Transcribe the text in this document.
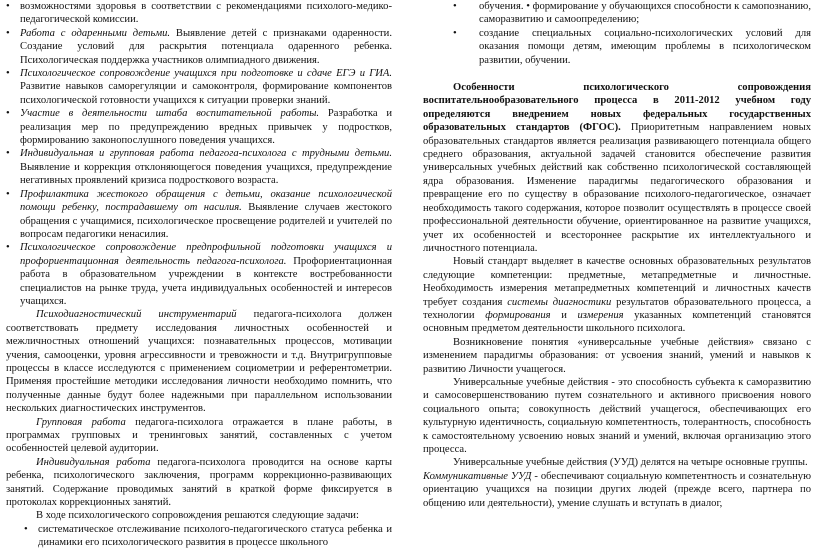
• возможностями здоровья в соответствии с рекомендациями психолого-медико-педагогической комиссии.
• Работа с одаренными детьми. Выявление детей с признаками одаренности. Создание условий для раскрытия потенциала одаренного ребенка. Психологическая поддержка участников олимпиадного движения.
• Психологическое сопровождение учащихся при подготовке и сдаче ЕГЭ и ГИА. Развитие навыков саморегуляции и самоконтроля, формирование компонентов психологической готовности учащихся к ситуации проверки знаний.
• Участие в деятельности штаба воспитательной работы. Разработка и реализация мер по предупреждению вредных привычек у подростков, формированию законопослушного поведения учащихся.
• Индивидуальная и групповая работа педагога-психолога с трудными детьми. Выявление и коррекция отклоняющегося поведения учащихся, предупреждение негативных проявлений кризиса подросткового возраста.
• Профилактика жестокого обращения с детьми, оказание психологической помощи ребенку, пострадавшему от насилия. Выявление случаев жестокого обращения с учащимися, психологическое просвещение родителей и учителей по вопросам педагогики ненасилия.
• Психологическое сопровождение предпрофильной подготовки учащихся и профориентационная деятельность педагога-психолога. Профориентационная работа в образовательном учреждении в контексте востребованности специалистов на рынке труда, учета индивидуальных особенностей и интересов учащихся.

Психодиагностический инструментарий педагога-психолога должен соответствовать предмету исследования личностных особенностей и межличностных отношений учащихся: познавательных процессов, мотивации учения, самооценки, уровня агрессивности и тревожности и т.д. Внутригрупповые процессы в классе исследуются с применением социометрии и референтометрии. Применяя простейшие методики исследования личности необходимо помнить, что полученные данные будут более надежными при параллельном использовании нескольких диагностических инструментов.

Групповая работа педагога-психолога отражается в плане работы, в программах групповых и тренинговых занятий, составленных с учетом особенностей целевой аудитории.

Индивидуальная работа педагога-психолога проводится на основе карты ребенка, психологического заключения, программ коррекционно-развивающих занятий. Содержание проводимых занятий в краткой форме фиксируется в протоколах коррекционных занятий.

В ходе психологического сопровождения решаются следующие задачи:

• систематическое отслеживание психолого-педагогического статуса ребенка и динамики его психологического развития в процессе школьного
• обучения. • формирование у обучающихся способности к самопознанию, саморазвитию и самоопределению;
• создание специальных социально-психологических условий для оказания помощи детям, имеющим проблемы в психологическом развитии, обучении.

Особенности психологического сопровождения воспитательнообразовательного процесса в 2011-2012 учебном году определяются внедрением новых федеральных государственных образовательных стандартов (ФГОС). Приоритетным направлением новых образовательных стандартов является реализация развивающего потенциала общего среднего образования, актуальной задачей становится обеспечение развития универсальных учебных действий как собственно психологической составляющей ядра образования. Изменение парадигмы педагогического образования и превращение его по существу в образование психолого-педагогическое, означает необходимость такого содержания, которое позволит осуществлять в процессе своей профессиональной деятельности обучение, ориентированное на развитие учащихся, учет их особенностей и всестороннее раскрытие их интеллектуального и личностного потенциала.

Новый стандарт выделяет в качестве основных образовательных результатов следующие компетенции: предметные, метапредметные и личностные. Необходимость измерения метапредметных компетенций и личностных качеств требует создания системы диагностики результатов образовательного процесса, а технологии формирования и измерения указанных компетенций становятся основным предметом деятельности школьного психолога.

Возникновение понятия «универсальные учебные действия» связано с изменением парадигмы образования: от усвоения знаний, умений и навыков к развитию Личности учащегося.

Универсальные учебные действия - это способность субъекта к саморазвитию и самосовершенствованию путем сознательного и активного присвоения нового социального опыта; совокупность действий учащегося, обеспечивающих его культурную идентичность, социальную компетентность, толерантность, способность к самостоятельному усвоению новых знаний и умений, включая организацию этого процесса.

Универсальные учебные действия (УУД) делятся на четыре основные группы.

Коммуникативные УУД - обеспечивают социальную компетентность и сознательную ориентацию учащихся на позиции других людей (прежде всего, партнера по общению или деятельности), умение слушать и вступать в диалог,
